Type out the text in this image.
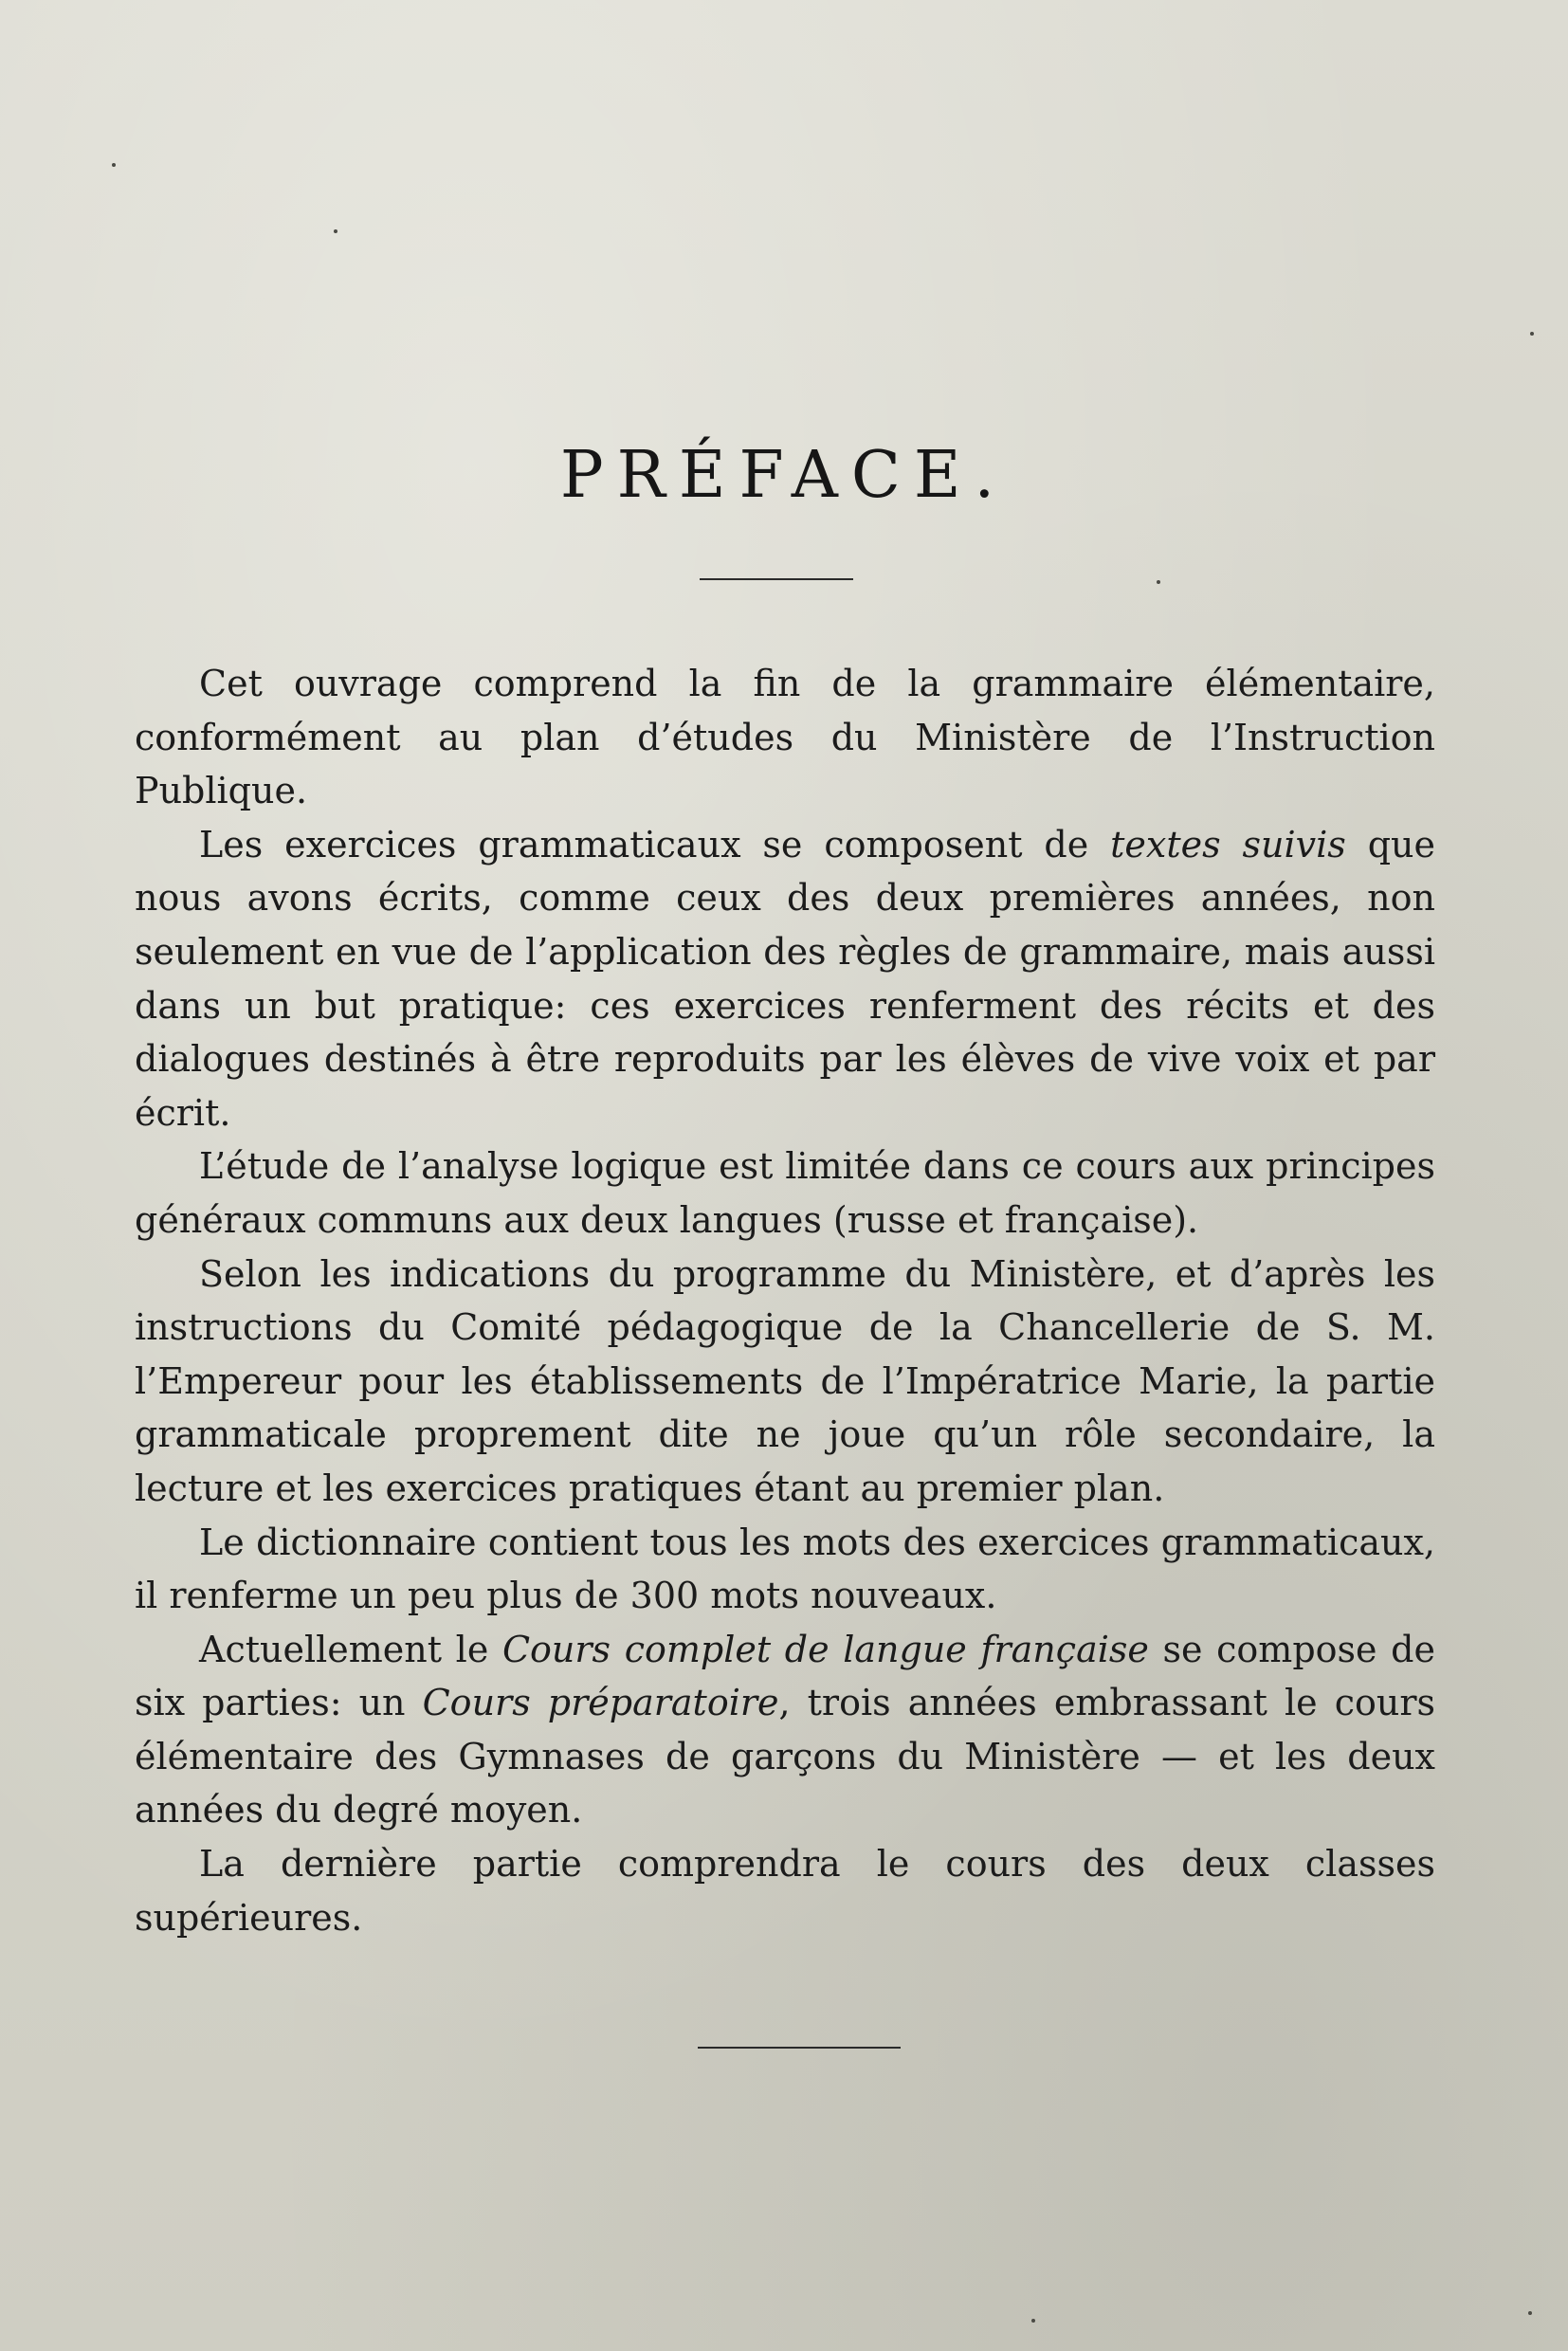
PRÉFACE.

Cet ouvrage comprend la fin de la grammaire élémentaire, conformément au plan d’études du Ministère de l’Instruction Publique.

Les exercices grammaticaux se composent de textes suivis que nous avons écrits, comme ceux des deux premières années, non seulement en vue de l’application des règles de grammaire, mais aussi dans un but pratique: ces exercices renferment des récits et des dialogues destinés à être reproduits par les élèves de vive voix et par écrit.

L’étude de l’analyse logique est limitée dans ce cours aux principes généraux communs aux deux langues (russe et française).

Selon les indications du programme du Ministère, et d’après les instructions du Comité pédagogique de la Chancellerie de S. M. l’Empereur pour les établissements de l’Impératrice Marie, la partie grammaticale proprement dite ne joue qu’un rôle secondaire, la lecture et les exercices pratiques étant au premier plan.

Le dictionnaire contient tous les mots des exercices grammaticaux, il renferme un peu plus de 300 mots nouveaux.

Actuellement le Cours complet de langue française se compose de six parties: un Cours préparatoire, trois années embrassant le cours élémentaire des Gymnases de garçons du Ministère — et les deux années du degré moyen.

La dernière partie comprendra le cours des deux classes supérieures.
